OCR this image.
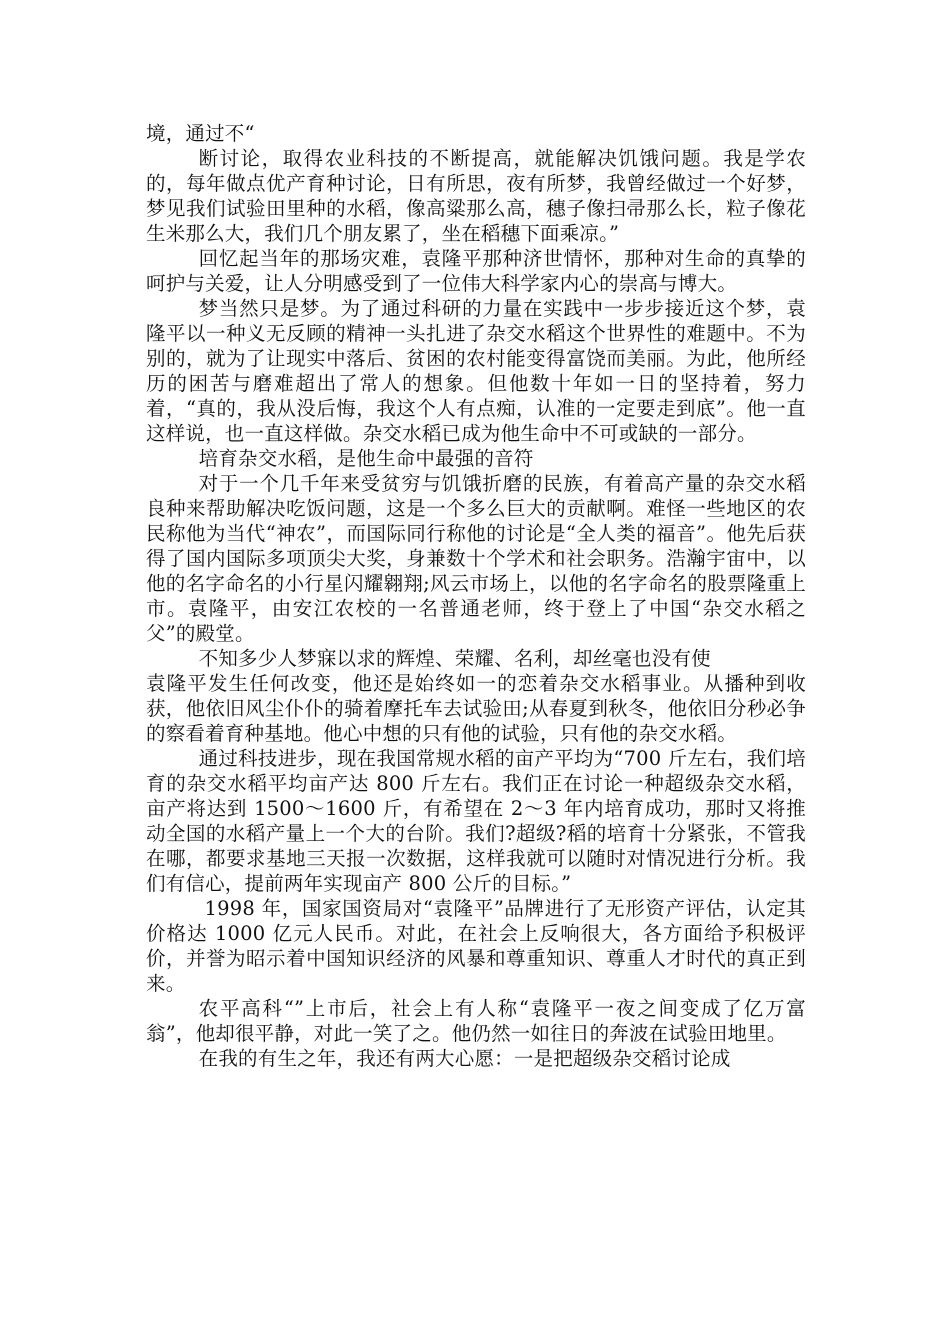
境，通过不“

断讨论，取得农业科技的不断提高，就能解决饥饿问题。我是学农的，每年做点优产育种讨论，日有所思，夜有所梦，我曾经做过一个好梦，梦见我们试验田里种的水稻，像高粱那么高，穗子像扫帚那么长，粒子像花生米那么大，我们几个朋友累了，坐在稻穗下面乘凉。”

回忆起当年的那场灾难，袁隆平那种济世情怀，那种对生命的真挚的呵护与关爱，让人分明感受到了一位伟大科学家内心的崇高与博大。

梦当然只是梦。为了通过科研的力量在实践中一步步接近这个梦，袁隆平以一种义无反顾的精神一头扎进了杂交水稻这个世界性的难题中。不为别的，就为了让现实中落后、贫困的农村能变得富饶而美丽。为此，他所经历的困苦与磨难超出了常人的想象。但他数十年如一日的坚持着，努力着，“真的，我从没后悔，我这个人有点痴，认准的一定要走到底”。他一直这样说，也一直这样做。杂交水稻已成为他生命中不可或缺的一部分。

培育杂交水稻，是他生命中最强的音符

对于一个几千年来受贫穷与饥饿折磨的民族，有着高产量的杂交水稻良种来帮助解决吃饭问题，这是一个多么巨大的贡献啊。难怪一些地区的农民称他为当代“神农”，而国际同行称他的讨论是“全人类的福音”。他先后获得了国内国际多项顶尖大奖，身兼数十个学术和社会职务。浩瀚宇宙中，以他的名字命名的小行星闪耀翱翔;风云市场上，以他的名字命名的股票隆重上市。袁隆平，由安江农校的一名普通老师，终于登上了中国“杂交水稻之父”的殿堂。

不知多少人梦寐以求的辉煌、荣耀、名利，却丝毫也没有使

袁隆平发生任何改变，他还是始终如一的恋着杂交水稻事业。从播种到收获，他依旧风尘仆仆的骑着摩托车去试验田;从春夏到秋冬，他依旧分秒必争的察看着育种基地。他心中想的只有他的试验，只有他的杂交水稻。

通过科技进步，现在我国常规水稻的亩产平均为“700 斤左右，我们培育的杂交水稻平均亩产达 800 斤左右。我们正在讨论一种超级杂交水稻，亩产将达到 1500～1600 斤，有希望在 2～3 年内培育成功，那时又将推动全国的水稻产量上一个大的台阶。我们?超级?稻的培育十分紧张，不管我在哪，都要求基地三天报一次数据，这样我就可以随时对情况进行分析。我们有信心，提前两年实现亩产 800 公斤的目标。”

1998 年，国家国资局对“袁隆平”品牌进行了无形资产评估，认定其价格达 1000 亿元人民币。对此，在社会上反响很大，各方面给予积极评价，并誉为昭示着中国知识经济的风暴和尊重知识、尊重人才时代的真正到来。

农平高科“”上市后，社会上有人称“袁隆平一夜之间变成了亿万富翁”，他却很平静，对此一笑了之。他仍然一如往日的奔波在试验田地里。

在我的有生之年，我还有两大心愿：一是把超级杂交稻讨论成
